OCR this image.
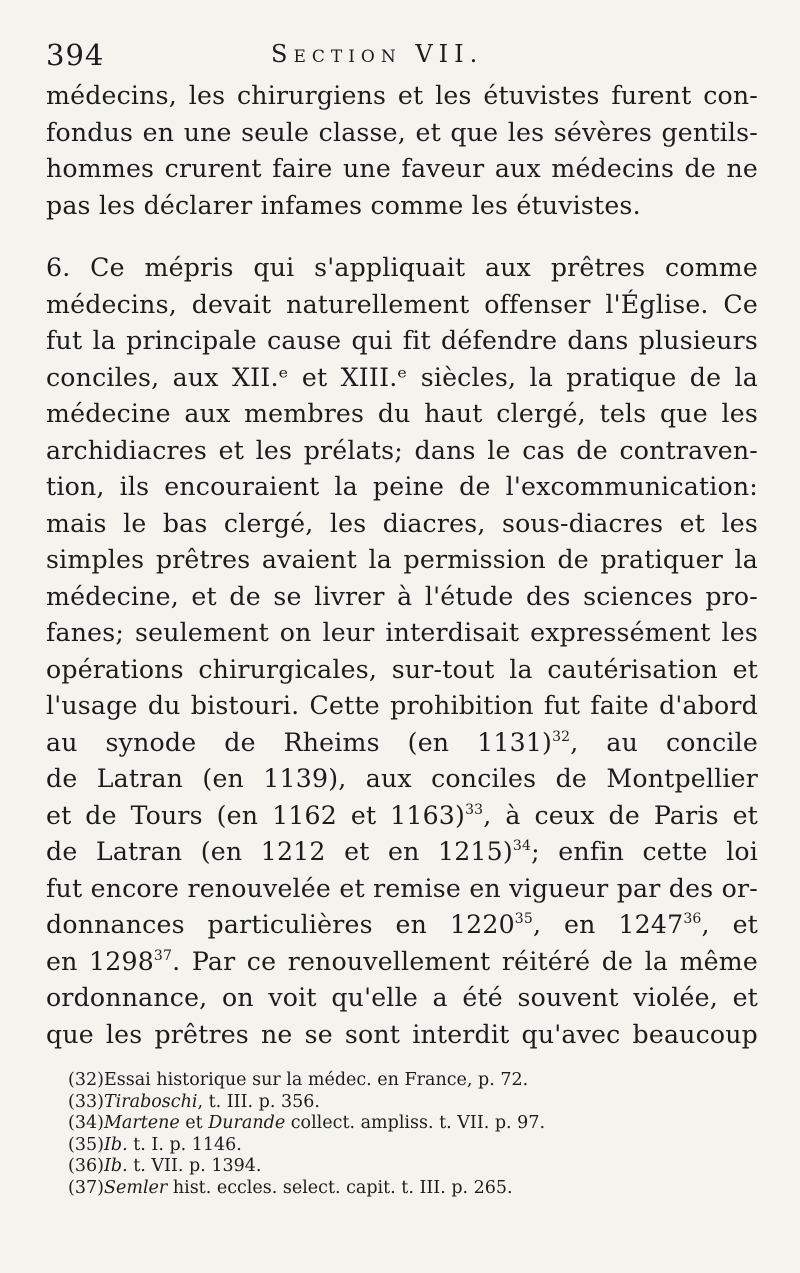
394	Section VII.
médecins, les chirurgiens et les étuvistes furent con-
fondus en une seule classe, et que les sévères gentils-
hommes crurent faire une faveur aux médecins de ne
pas les déclarer infames comme les étuvistes.
6. Ce mépris qui s'appliquait aux prêtres comme
médecins, devait naturellement offenser l'Église. Ce
fut la principale cause qui fit défendre dans plusieurs
conciles, aux XII.ᵉ et XIII.ᵉ siècles, la pratique de la
médecine aux membres du haut clergé, tels que les
archidiacres et les prélats; dans le cas de contraven-
tion, ils encouraient la peine de l'excommunication:
mais le bas clergé, les diacres, sous-diacres et les
simples prêtres avaient la permission de pratiquer la
médecine, et de se livrer à l'étude des sciences pro-
fanes; seulement on leur interdisait expressément les
opérations chirurgicales, sur-tout la cautérisation et
l'usage du bistouri. Cette prohibition fut faite d'abord
au synode de Rheims (en 1131)$^{32}$, au concile
de Latran (en 1139), aux conciles de Montpellier
et de Tours (en 1162 et 1163)$^{33}$, à ceux de Paris et
de Latran (en 1212 et en 1215)$^{34}$; enfin cette loi
fut encore renouvelée et remise en vigueur par des or-
donnances particulières en 1220$^{35}$, en 1247$^{36}$, et
en 1298$^{37}$. Par ce renouvellement réitéré de la même
ordonnance, on voit qu'elle a été souvent violée, et
que les prêtres ne se sont interdit qu'avec beaucoup
(32)Essai historique sur la médec. en France, p. 72.
(33)Tiraboschi, t. III. p. 356.
(34)Martene et Durande collect. ampliss. t. VII. p. 97.
(35)Ib. t. I. p. 1146.
(36)Ib. t. VII. p. 1394.
(37)Semler hist. eccles. select. capit. t. III. p. 265.
